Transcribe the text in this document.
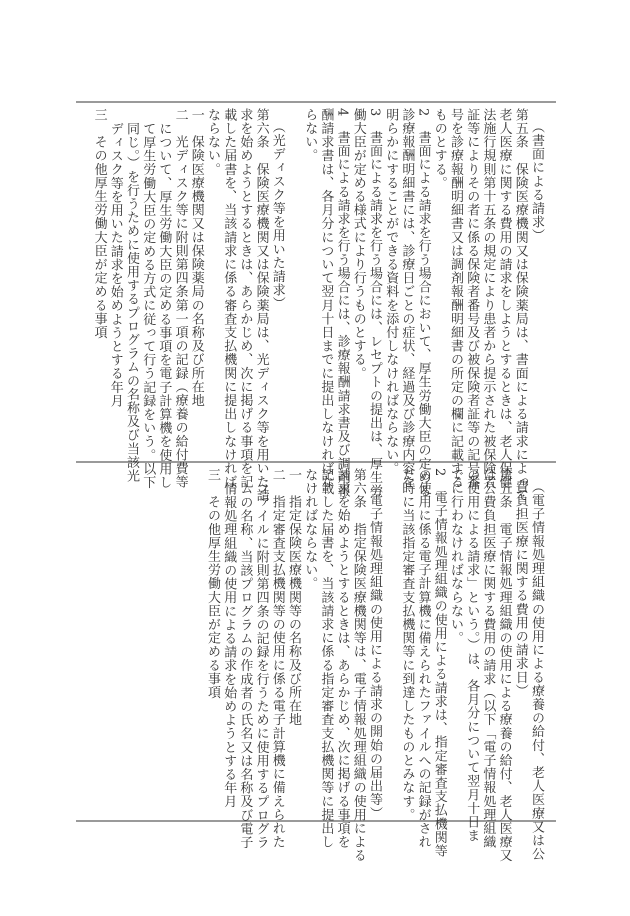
（書面による請求）
第五条　保険医療機関又は保険薬局は、書面による請求によって
老人医療に関する費用の請求をしようとするときは、老人保健
法施行規則第十五条の規定により患者から提示された被保険者
証等によりその者に係る保険者番号及び被保険者証等の記号番
号を診療報酬明細書又は調剤報酬明細書の所定の欄に記載する
ものとする。
2　書面による請求を行う場合において、厚生労働大臣の定める
診療報酬明細書には、診療日ごとの症状、経過及び診療内容を
明らかにすることができる資料を添付しなければならない。
3　書面による請求を行う場合には、レセプトの提出は、厚生労
働大臣が定める様式により行うものとする。
4　書面による請求を行う場合には、診療報酬請求書及び調剤報
酬請求書は、各月分について翌月十日までに提出しなければな
らない。
（光ディスク等を用いた請求）
第六条　保険医療機関又は保険薬局は、光ディスク等を用いた請
求を始めようとするときは、あらかじめ、次に掲げる事項を記
載した届書を、当該請求に係る審査支払機関に提出しなければ
ならない。
一　保険医療機関又は保険薬局の名称及び所在地
二　光ディスク等に附則第四条第一項の記録（療養の給付費等
について、厚生労働大臣の定める事項を電子計算機を使用し
て厚生労働大臣の定める方式に従って行う記録をいう。以下
同じ。）を行うために使用するプログラムの名称及び当該光
ディスク等を用いた請求を始めようとする年月
三　その他厚生労働大臣が定める事項
（電子情報処理組織の使用による療養の給付、老人医療又は公
費負担医療に関する費用の請求日）
第五条　電子情報処理組織の使用による療養の給付、老人医療又
は公費負担医療に関する費用の請求（以下「電子情報処理組織
の使用による請求」という。）は、各月分について翌月十日ま
でに行わなければならない。
2　電子情報処理組織の使用による請求は、指定審査支払機関等
の使用に係る電子計算機に備えられたファイルへの記録がされ
た時に当該指定審査支払機関等に到達したものとみなす。
（電子情報処理組織の使用による請求の開始の届出等）
第六条　指定保険医療機関等は、電子情報処理組織の使用による
請求を始めようとするときは、あらかじめ、次に掲げる事項を
記載した届書を、当該請求に係る指定審査支払機関等に提出し
なければならない。
一　指定保険医療機関等の名称及び所在地
二　指定審査支払機関等の使用に係る電子計算機に備えられた
ファイルに附則第四条の記録を行うために使用するプログラ
ムの名称、当該プログラムの作成者の氏名又は名称及び電子
情報処理組織の使用による請求を始めようとする年月
三　その他厚生労働大臣が定める事項
